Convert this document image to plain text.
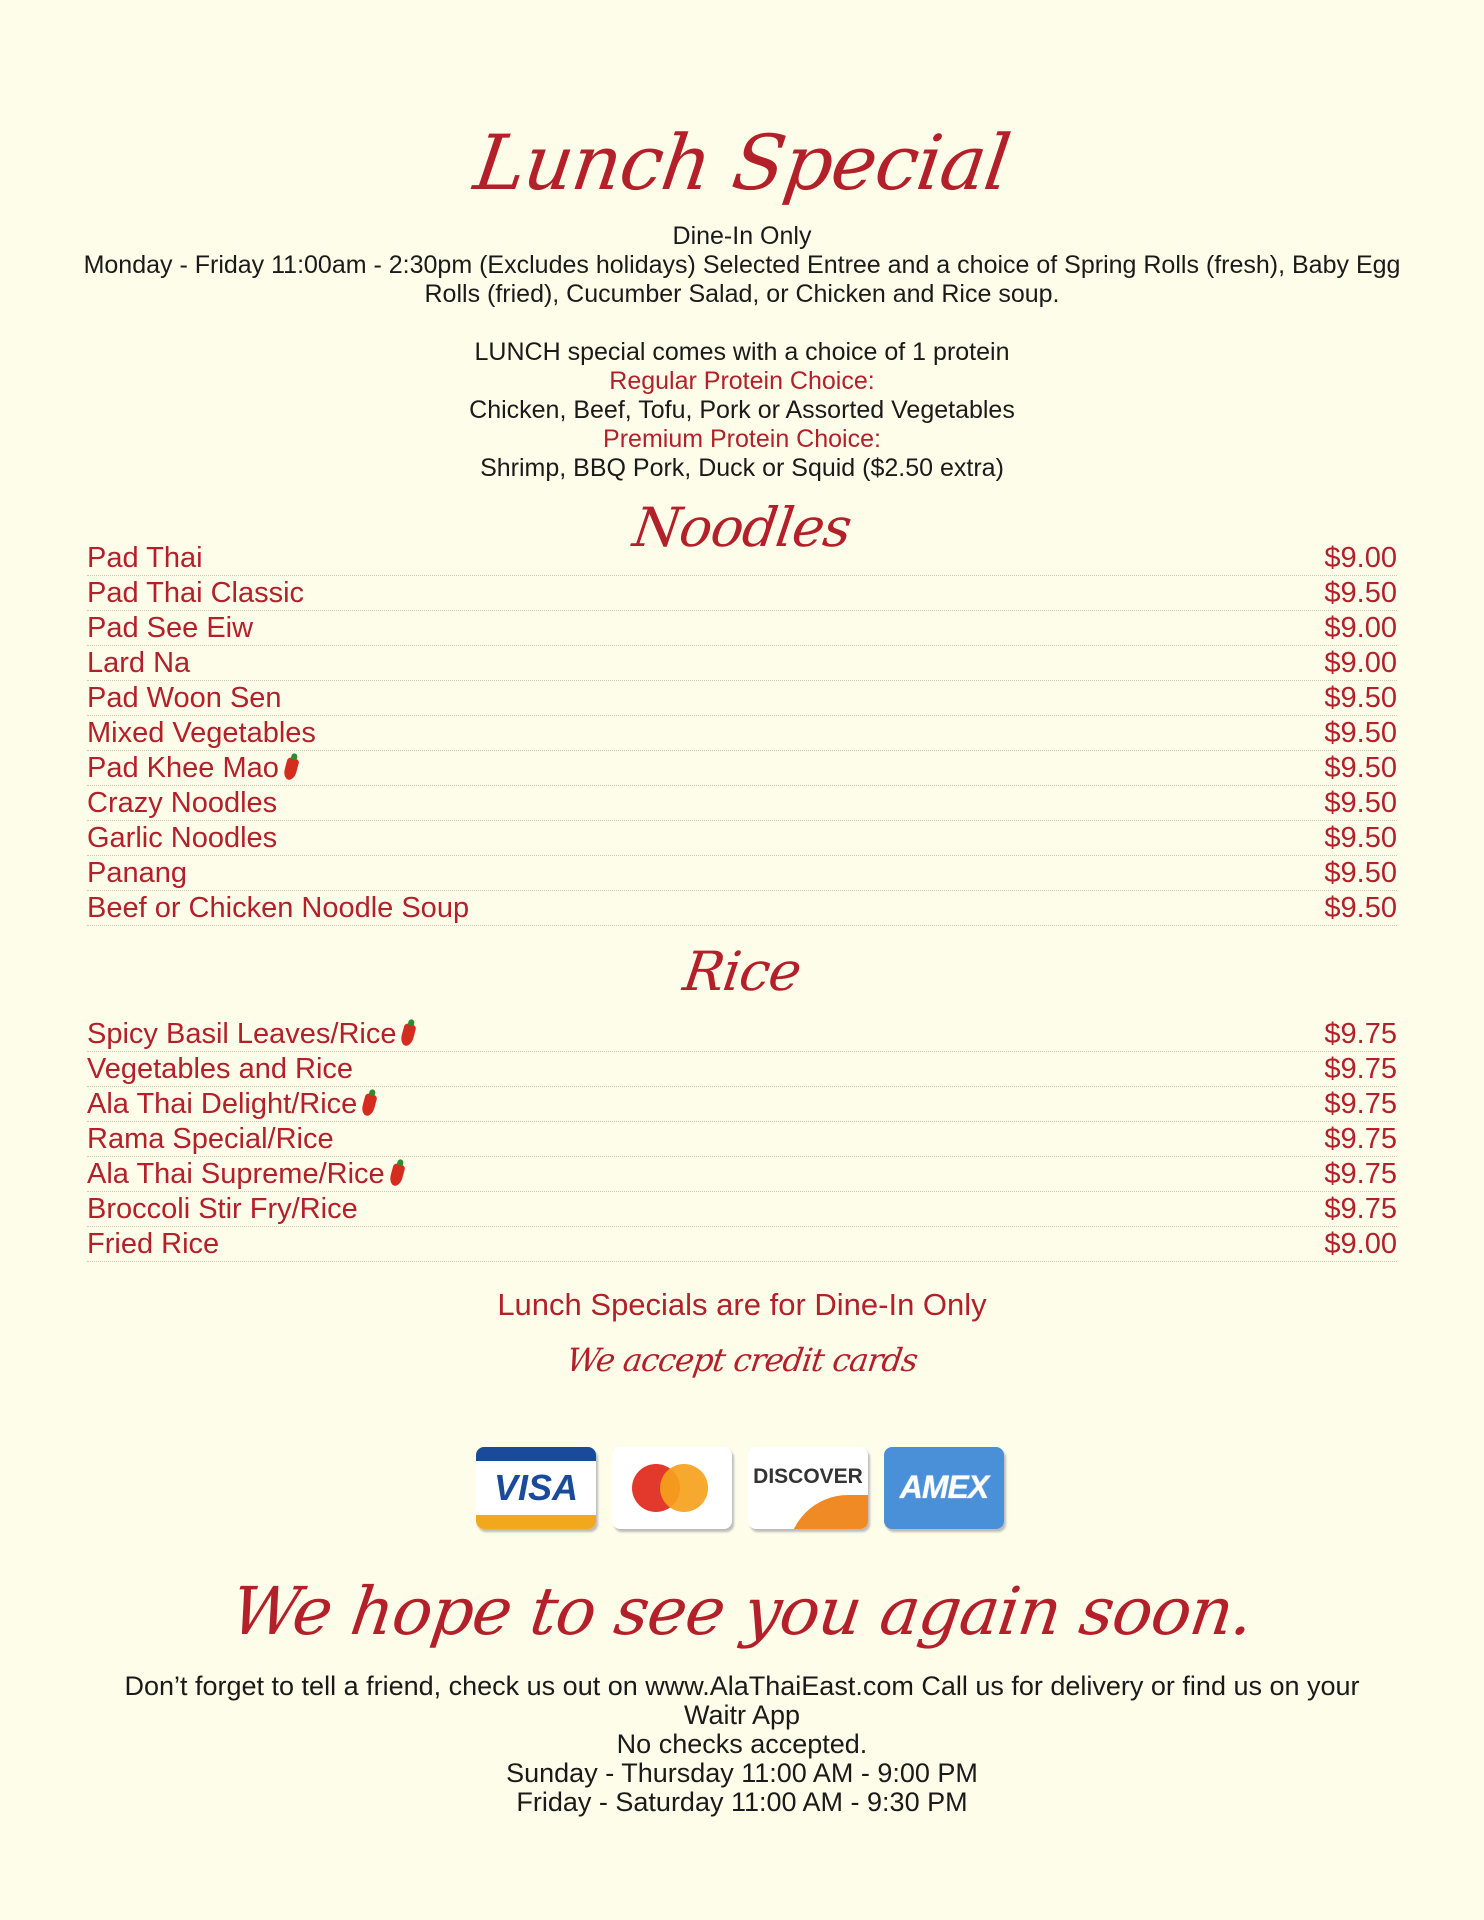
Lunch Special

Dine-In Only

Monday - Friday 11:00am - 2:30pm (Excludes holidays) Selected Entree and a choice of Spring Rolls (fresh), Baby Egg Rolls (fried), Cucumber Salad, or Chicken and Rice soup.

LUNCH special comes with a choice of 1 protein

Regular Protein Choice:

Chicken, Beef, Tofu, Pork or Assorted Vegetables

Premium Protein Choice:

Shrimp, BBQ Pork, Duck or Squid ($2.50 extra)

Noodles
Pad Thai	$9.00
Pad Thai Classic	$9.50
Pad See Eiw	$9.00
Lard Na	$9.00
Pad Woon Sen	$9.50
Mixed Vegetables	$9.50
Pad Khee Mao	$9.50
Crazy Noodles	$9.50
Garlic Noodles	$9.50
Panang	$9.50
Beef or Chicken Noodle Soup	$9.50
Rice
Spicy Basil Leaves/Rice	$9.75
Vegetables and Rice	$9.75
Ala Thai Delight/Rice	$9.75
Rama Special/Rice	$9.75
Ala Thai Supreme/Rice	$9.75
Broccoli Stir Fry/Rice	$9.75
Fried Rice	$9.00
Lunch Specials are for Dine-In Only
We accept credit cards
VISA	DISCOVER	AMEX
We hope to see you again soon.

Don’t forget to tell a friend, check us out on www.AlaThaiEast.com Call us for delivery or find us on your Waitr App

No checks accepted.

Sunday - Thursday 11:00 AM - 9:00 PM

Friday - Saturday 11:00 AM - 9:30 PM
